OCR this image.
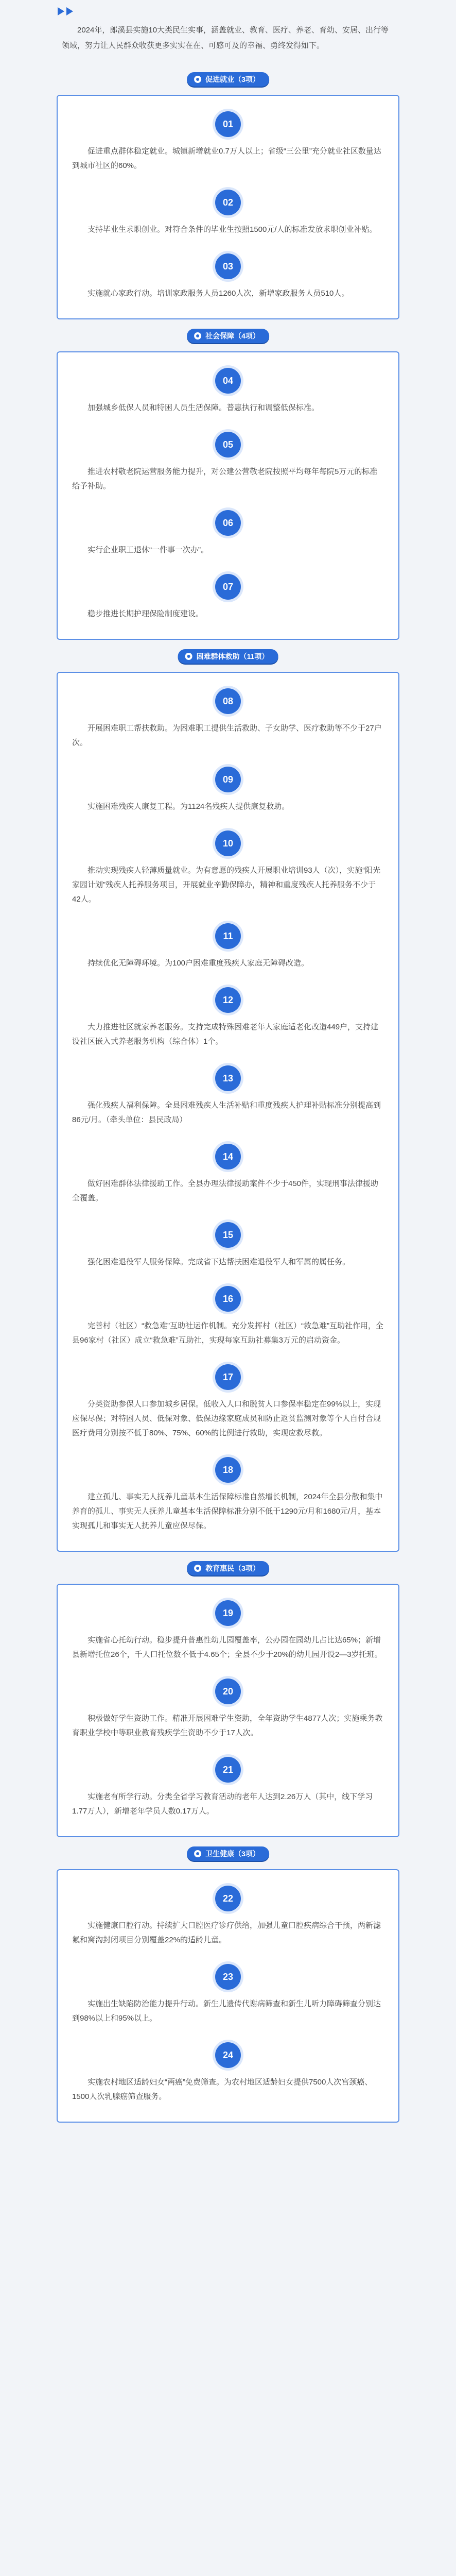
2024年，郎溪县实施10大类民生实事，涵盖就业、教育、医疗、养老、育幼、安居、出行等领域，努力让人民群众收获更多实实在在、可感可及的幸福、勇终发得如下。

促进就业（3项）
01

促进重点群体稳定就业。城镇新增就业0.7万人以上；省级“三公里”充分就业社区数量达到城市社区的60%。

02

支持毕业生求职创业。对符合条件的毕业生按照1500元/人的标准发放求职创业补贴。

03

实施就心家政行动。培训家政服务人员1260人次，新增家政服务人员510人。

社会保障（4项）
04

加强城乡低保人员和特困人员生活保障。普惠执行和调整低保标准。

05

推进农村敬老院运营服务能力提升，对公建公营敬老院按照平均每年每院5万元的标准给予补助。

06

实行企业职工退休“一件事一次办”。

07

稳步推进长期护理保险制度建设。

困难群体救助（11项）
08

开展困难职工帮扶救助。为困难职工提供生活救助、子女助学、医疗救助等不少于27户次。

09

实施困难残疾人康复工程。为1124名残疾人提供康复救助。

10

推动实现残疾人轻薄质量就业。为有意愿的残疾人开展职业培训93人（次），实施“阳光家园计划”残疾人托养服务项目，开展就业辛勤保障办，精神和重度残疾人托养服务不少于42人。

11

持续优化无障碍环境。为100户困难重度残疾人家庭无障碍改造。

12

大力推进社区就家养老服务。支持完成特殊困难老年人家庭适老化改造449户，支持建设社区嵌入式养老服务机构（综合体）1个。

13

强化残疾人福利保障。全县困难残疾人生活补贴和重度残疾人护理补贴标准分别提高到86元/月。（牵头单位：县民政局）

14

做好困难群体法律援助工作。全县办理法律援助案件不少于450件，实现刑事法律援助全覆盖。

15

强化困难退役军人服务保障。完成省下达帮扶困难退役军人和军属的属任务。

16

完善村（社区）“救急难”互助社运作机制。充分发挥村（社区）“救急难”互助社作用，全县96家村（社区）成立“救急难”互助社，实现每家互助社募集3万元的启动资金。

17

分类资助参保人口参加城乡居保。低收入人口和脱贫人口参保率稳定在99%以上，实现应保尽保；对特困人员、低保对象、低保边缘家庭成员和防止返贫监测对象等个人自付合规医疗费用分别按不低于80%、75%、60%的比例进行救助，实现应救尽救。

18

建立孤儿、事实无人抚养儿童基本生活保障标准自然增长机制，2024年全县分散和集中养育的孤儿、事实无人抚养儿童基本生活保障标准分别不低于1290元/月和1680元/月，基本实现孤儿和事实无人抚养儿童应保尽保。

教育惠民（3项）
19

实施省心托幼行动。稳步提升普惠性幼儿园覆盖率，公办园在园幼儿占比达65%；新增县新增托位26个，千人口托位数不低于4.65个；全县不少于20%的幼儿园开设2—3岁托班。

20

积极做好学生资助工作。精准开展困难学生资助，全年资助学生4877人次；实施乘务教育职业学校中等职业教育残疾学生资助不少于17人次。

21

实施老有所学行动。分类全省学习教育活动的老年人达到2.26万人（其中，线下学习1.77万人），新增老年学员人数0.17万人。

卫生健康（3项）
22

实施健康口腔行动。持续扩大口腔医疗诊疗供给，加强儿童口腔疾病综合干预，两新滤氟和窝沟封闭项目分别覆盖22%的适龄儿童。

23

实施出生缺陷防治能力提升行动。新生儿遗传代谢病筛查和新生儿听力障碍筛查分别达到98%以上和95%以上。

24

实施农村地区适龄妇女“两癌”免费筛查。为农村地区适龄妇女提供7500人次宫颈癌、1500人次乳腺癌筛查服务。
